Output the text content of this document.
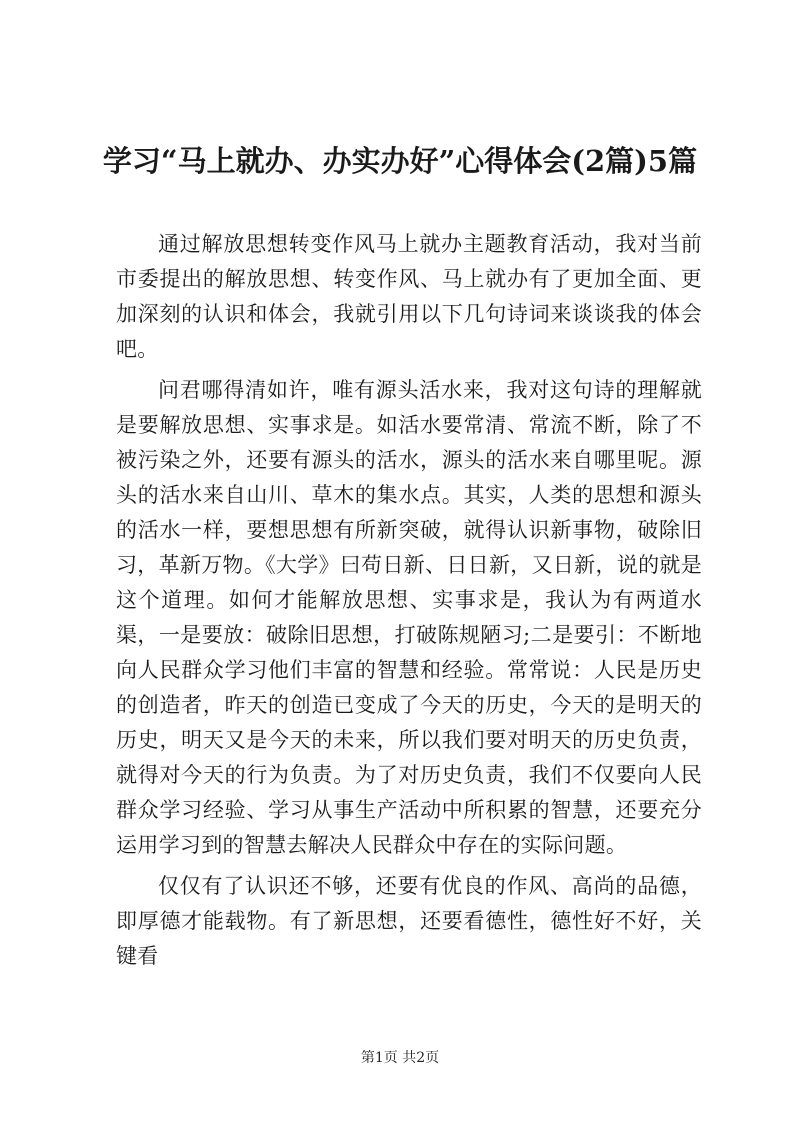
学习“马上就办、办实办好”心得体会(2篇)5篇

通过解放思想转变作风马上就办主题教育活动，我对当前市委提出的解放思想、转变作风、马上就办有了更加全面、更加深刻的认识和体会，我就引用以下几句诗词来谈谈我的体会吧。

问君哪得清如许，唯有源头活水来，我对这句诗的理解就是要解放思想、实事求是。如活水要常清、常流不断，除了不被污染之外，还要有源头的活水，源头的活水来自哪里呢。源头的活水来自山川、草木的集水点。其实，人类的思想和源头的活水一样，要想思想有所新突破，就得认识新事物，破除旧习，革新万物。《大学》曰苟日新、日日新，又日新，说的就是这个道理。如何才能解放思想、实事求是，我认为有两道水渠，一是要放：破除旧思想，打破陈规陋习;二是要引：不断地向人民群众学习他们丰富的智慧和经验。常常说：人民是历史的创造者，昨天的创造已变成了今天的历史，今天的是明天的历史，明天又是今天的未来，所以我们要对明天的历史负责，就得对今天的行为负责。为了对历史负责，我们不仅要向人民群众学习经验、学习从事生产活动中所积累的智慧，还要充分运用学习到的智慧去解决人民群众中存在的实际问题。

仅仅有了认识还不够，还要有优良的作风、高尚的品德，即厚德才能载物。有了新思想，还要看德性，德性好不好，关键看

第1页 共2页
